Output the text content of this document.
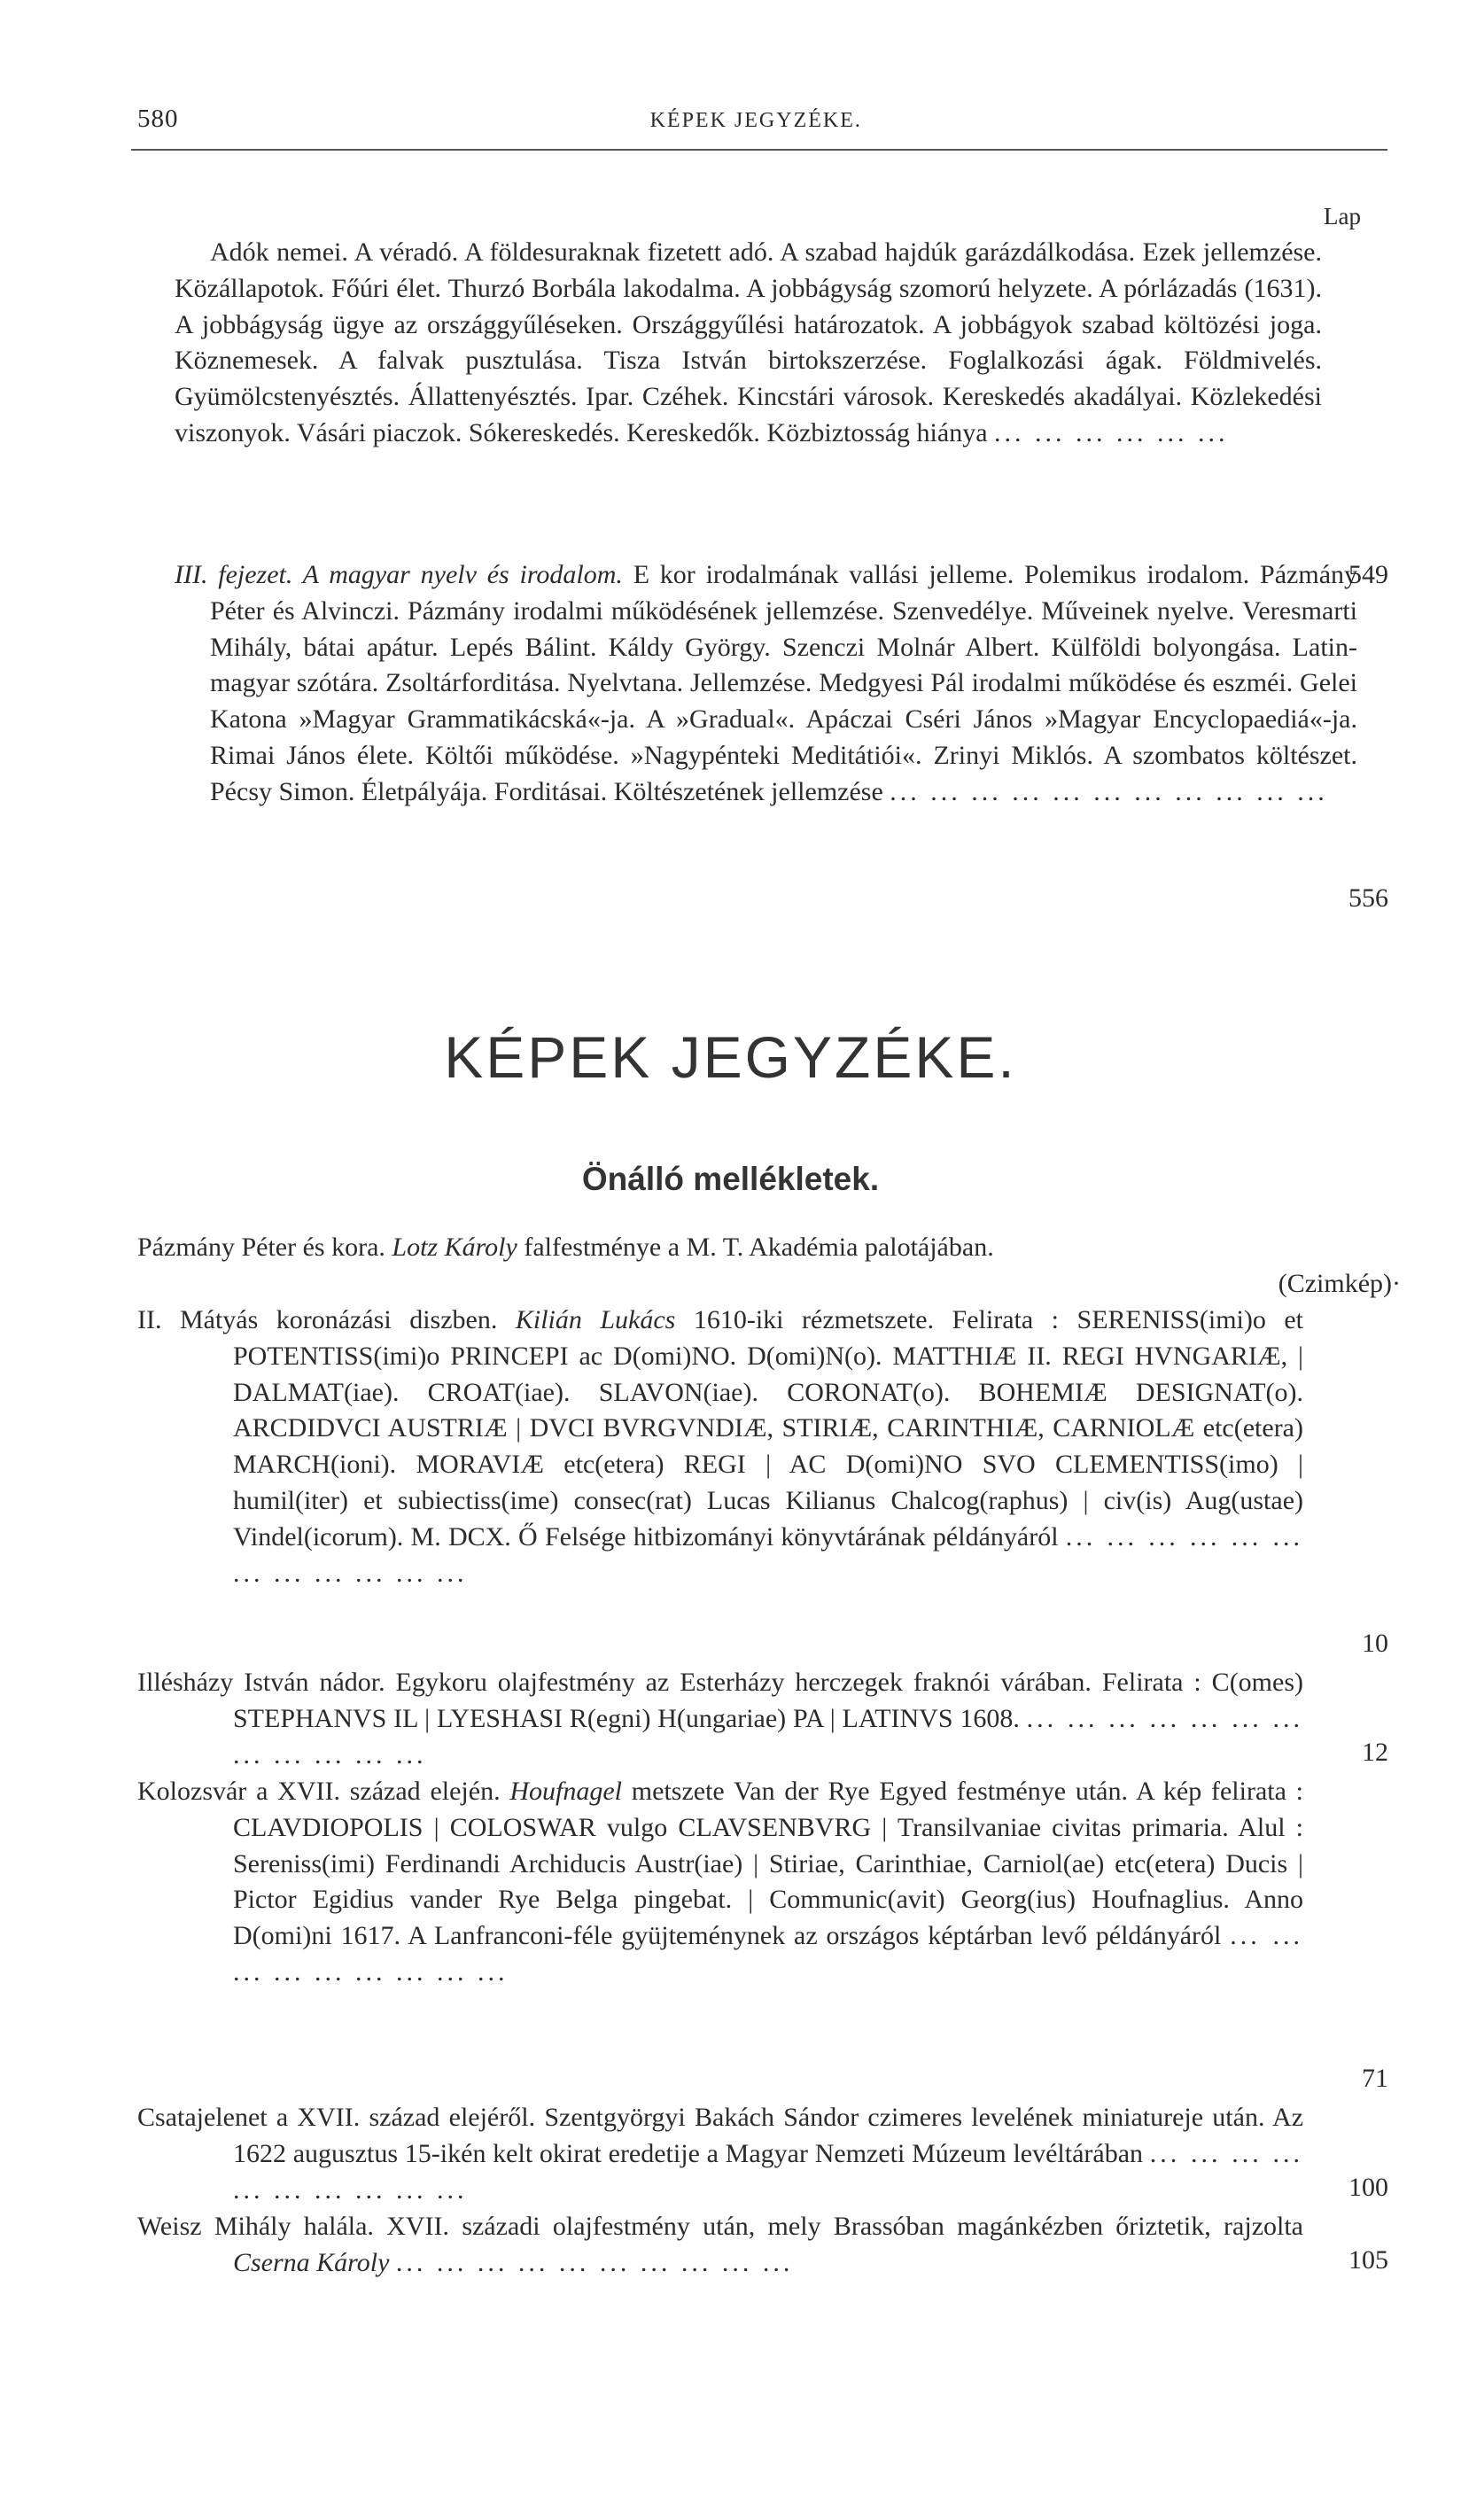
580	KÉPEK JEGYZÉKE.
Lap
Adók nemei. A véradó. A földesuraknak fizetett adó. A szabad hajdúk garázdálkodása. Ezek jellemzése. Közállapotok. Főúri élet. Thurzó Borbála lakodalma. A jobbágyság szomorú helyzete. A pórlázadás (1631). A jobbágyság ügye az országgyűléseken. Országgyűlési határozatok. A jobbágyok szabad költözési joga. Köznemesek. A falvak pusztulása. Tisza István birtokszerzése. Foglalkozási ágak. Földmivelés. Gyümölcstenyésztés. Állattenyésztés. Ipar. Czéhek. Kincstári városok. Kereskedés akadályai. Közlekedési viszonyok. Vásári piaczok. Sókereskedés. Kereskedők. Közbiztosság hiánya ... ... ... ... ... ...
549
III. fejezet. A magyar nyelv és irodalom. E kor irodalmának vallási jelleme. Polemikus irodalom. Pázmány Péter és Alvinczi. Pázmány irodalmi működésének jellemzése. Szenvedélye. Műveinek nyelve. Veresmarti Mihály, bátai apátur. Lepés Bálint. Káldy György. Szenczi Molnár Albert. Külföldi bolyongása. Latin-magyar szótára. Zsoltárforditása. Nyelvtana. Jellemzése. Medgyesi Pál irodalmi működése és eszméi. Gelei Katona »Magyar Grammatikácská«-ja. A »Gradual«. Apáczai Cséri János »Magyar Encyclopaediá«-ja. Rimai János élete. Költői működése. »Nagypénteki Meditátiói«. Zrinyi Miklós. A szombatos költészet. Pécsy Simon. Életpályája. Forditásai. Költészetének jellemzése ... ... ... ... ... ... ... ... ... ... ...
556
KÉPEK JEGYZÉKE.
Önálló mellékletek.
Pázmány Péter és kora. Lotz Károly falfestménye a M. T. Akadémia palotájában.
(Czimkép)·
II. Mátyás koronázási diszben. Kilián Lukács 1610-iki rézmetszete. Felirata : SERENISS(imi)o et POTENTISS(imi)o PRINCEPI ac D(omi)NO. D(omi)N(o). MATTHIÆ II. REGI HVNGARIÆ, | DALMAT(iae). CROAT(iae). SLAVON(iae). CORONAT(o). BOHEMIÆ DESIGNAT(o). ARCDIDVCI AUSTRIÆ | DVCI BVRGVNDIÆ, STIRIÆ, CARINTHIÆ, CARNIOLÆ etc(etera) MARCH(ioni). MORAVIÆ etc(etera) REGI | AC D(omi)NO SVO CLEMENTISS(imo) | humil(iter) et subiectiss(ime) consec(rat) Lucas Kilianus Chalcog(raphus) | civ(is) Aug(ustae) Vindel(icorum). M. DCX. Ő Felsége hitbizományi könyvtárának példányáról ... ... ... ... ... ... ... ... ... ... ... ...
10
Illésházy István nádor. Egykoru olajfestmény az Esterházy herczegek fraknói várában. Felirata : C(omes) STEPHANVS IL | LYESHASI R(egni) H(ungariae) PA | LATINVS 1608. ... ... ... ... ... ... ... ... ... ... ... ...	12
Kolozsvár a XVII. század elején. Houfnagel metszete Van der Rye Egyed festménye után. A kép felirata : CLAVDIOPOLIS | COLOSWAR vulgo CLAVSENBVRG | Transilvaniae civitas primaria. Alul : Sereniss(imi) Ferdinandi Archiducis Austr(iae) | Stiriae, Carinthiae, Carniol(ae) etc(etera) Ducis | Pictor Egidius vander Rye Belga pingebat. | Communic(avit) Georg(ius) Houfnaglius. Anno D(omi)ni 1617. A Lanfranconi-féle gyüjteménynek az országos képtárban levő példányáról ... ... ... ... ... ... ... ... ...
71
Csatajelenet a XVII. század elejéről. Szentgyörgyi Bakách Sándor czimeres levelének miniatureje után. Az 1622 augusztus 15-ikén kelt okirat eredetije a Magyar Nemzeti Múzeum levéltárában ... ... ... ... ... ... ... ... ... ...	100
Weisz Mihály halála. XVII. századi olajfestmény után, mely Brassóban magánkézben őriztetik, rajzolta Cserna Károly ... ... ... ... ... ... ... ... ... ...	105
